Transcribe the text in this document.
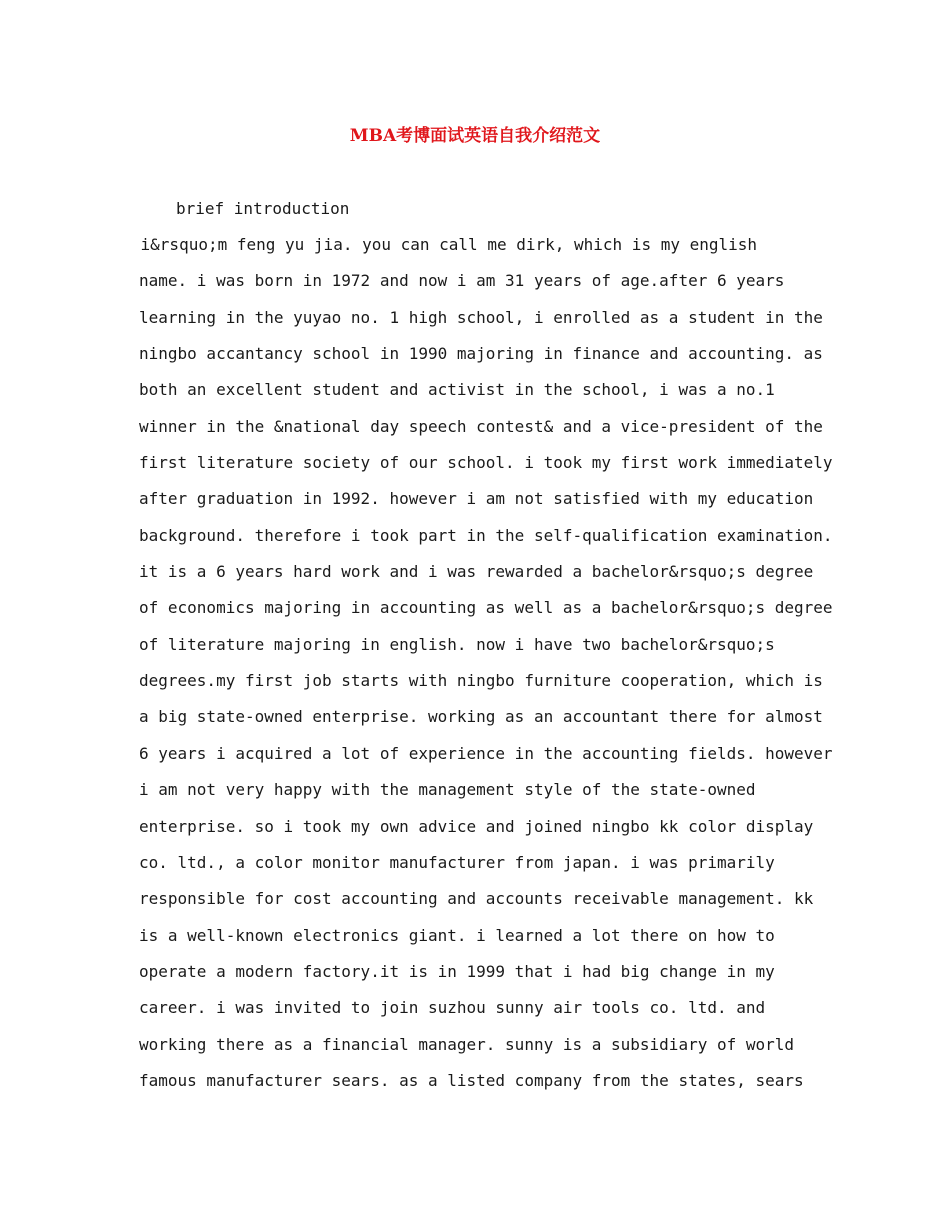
MBA考博面试英语自我介绍范文
brief introduction
i&rsquo;m feng yu jia. you can call me dirk, which is my english
name. i was born in 1972 and now i am 31 years of age.after 6 years
learning in the yuyao no. 1 high school, i enrolled as a student in the
ningbo accantancy school in 1990 majoring in finance and accounting. as
both an excellent student and activist in the school, i was a no.1
winner in the &national day speech contest& and a vice-president of the
first literature society of our school. i took my first work immediately
after graduation in 1992. however i am not satisfied with my education
background. therefore i took part in the self-qualification examination.
it is a 6 years hard work and i was rewarded a bachelor&rsquo;s degree
of economics majoring in accounting as well as a bachelor&rsquo;s degree
of literature majoring in english. now i have two bachelor&rsquo;s
degrees.my first job starts with ningbo furniture cooperation, which is
a big state-owned enterprise. working as an accountant there for almost
6 years i acquired a lot of experience in the accounting fields. however
i am not very happy with the management style of the state-owned
enterprise. so i took my own advice and joined ningbo kk color display
co. ltd., a color monitor manufacturer from japan. i was primarily
responsible for cost accounting and accounts receivable management. kk
is a well-known electronics giant. i learned a lot there on how to
operate a modern factory.it is in 1999 that i had big change in my
career. i was invited to join suzhou sunny air tools co. ltd. and
working there as a financial manager. sunny is a subsidiary of world
famous manufacturer sears. as a listed company from the states, sears
